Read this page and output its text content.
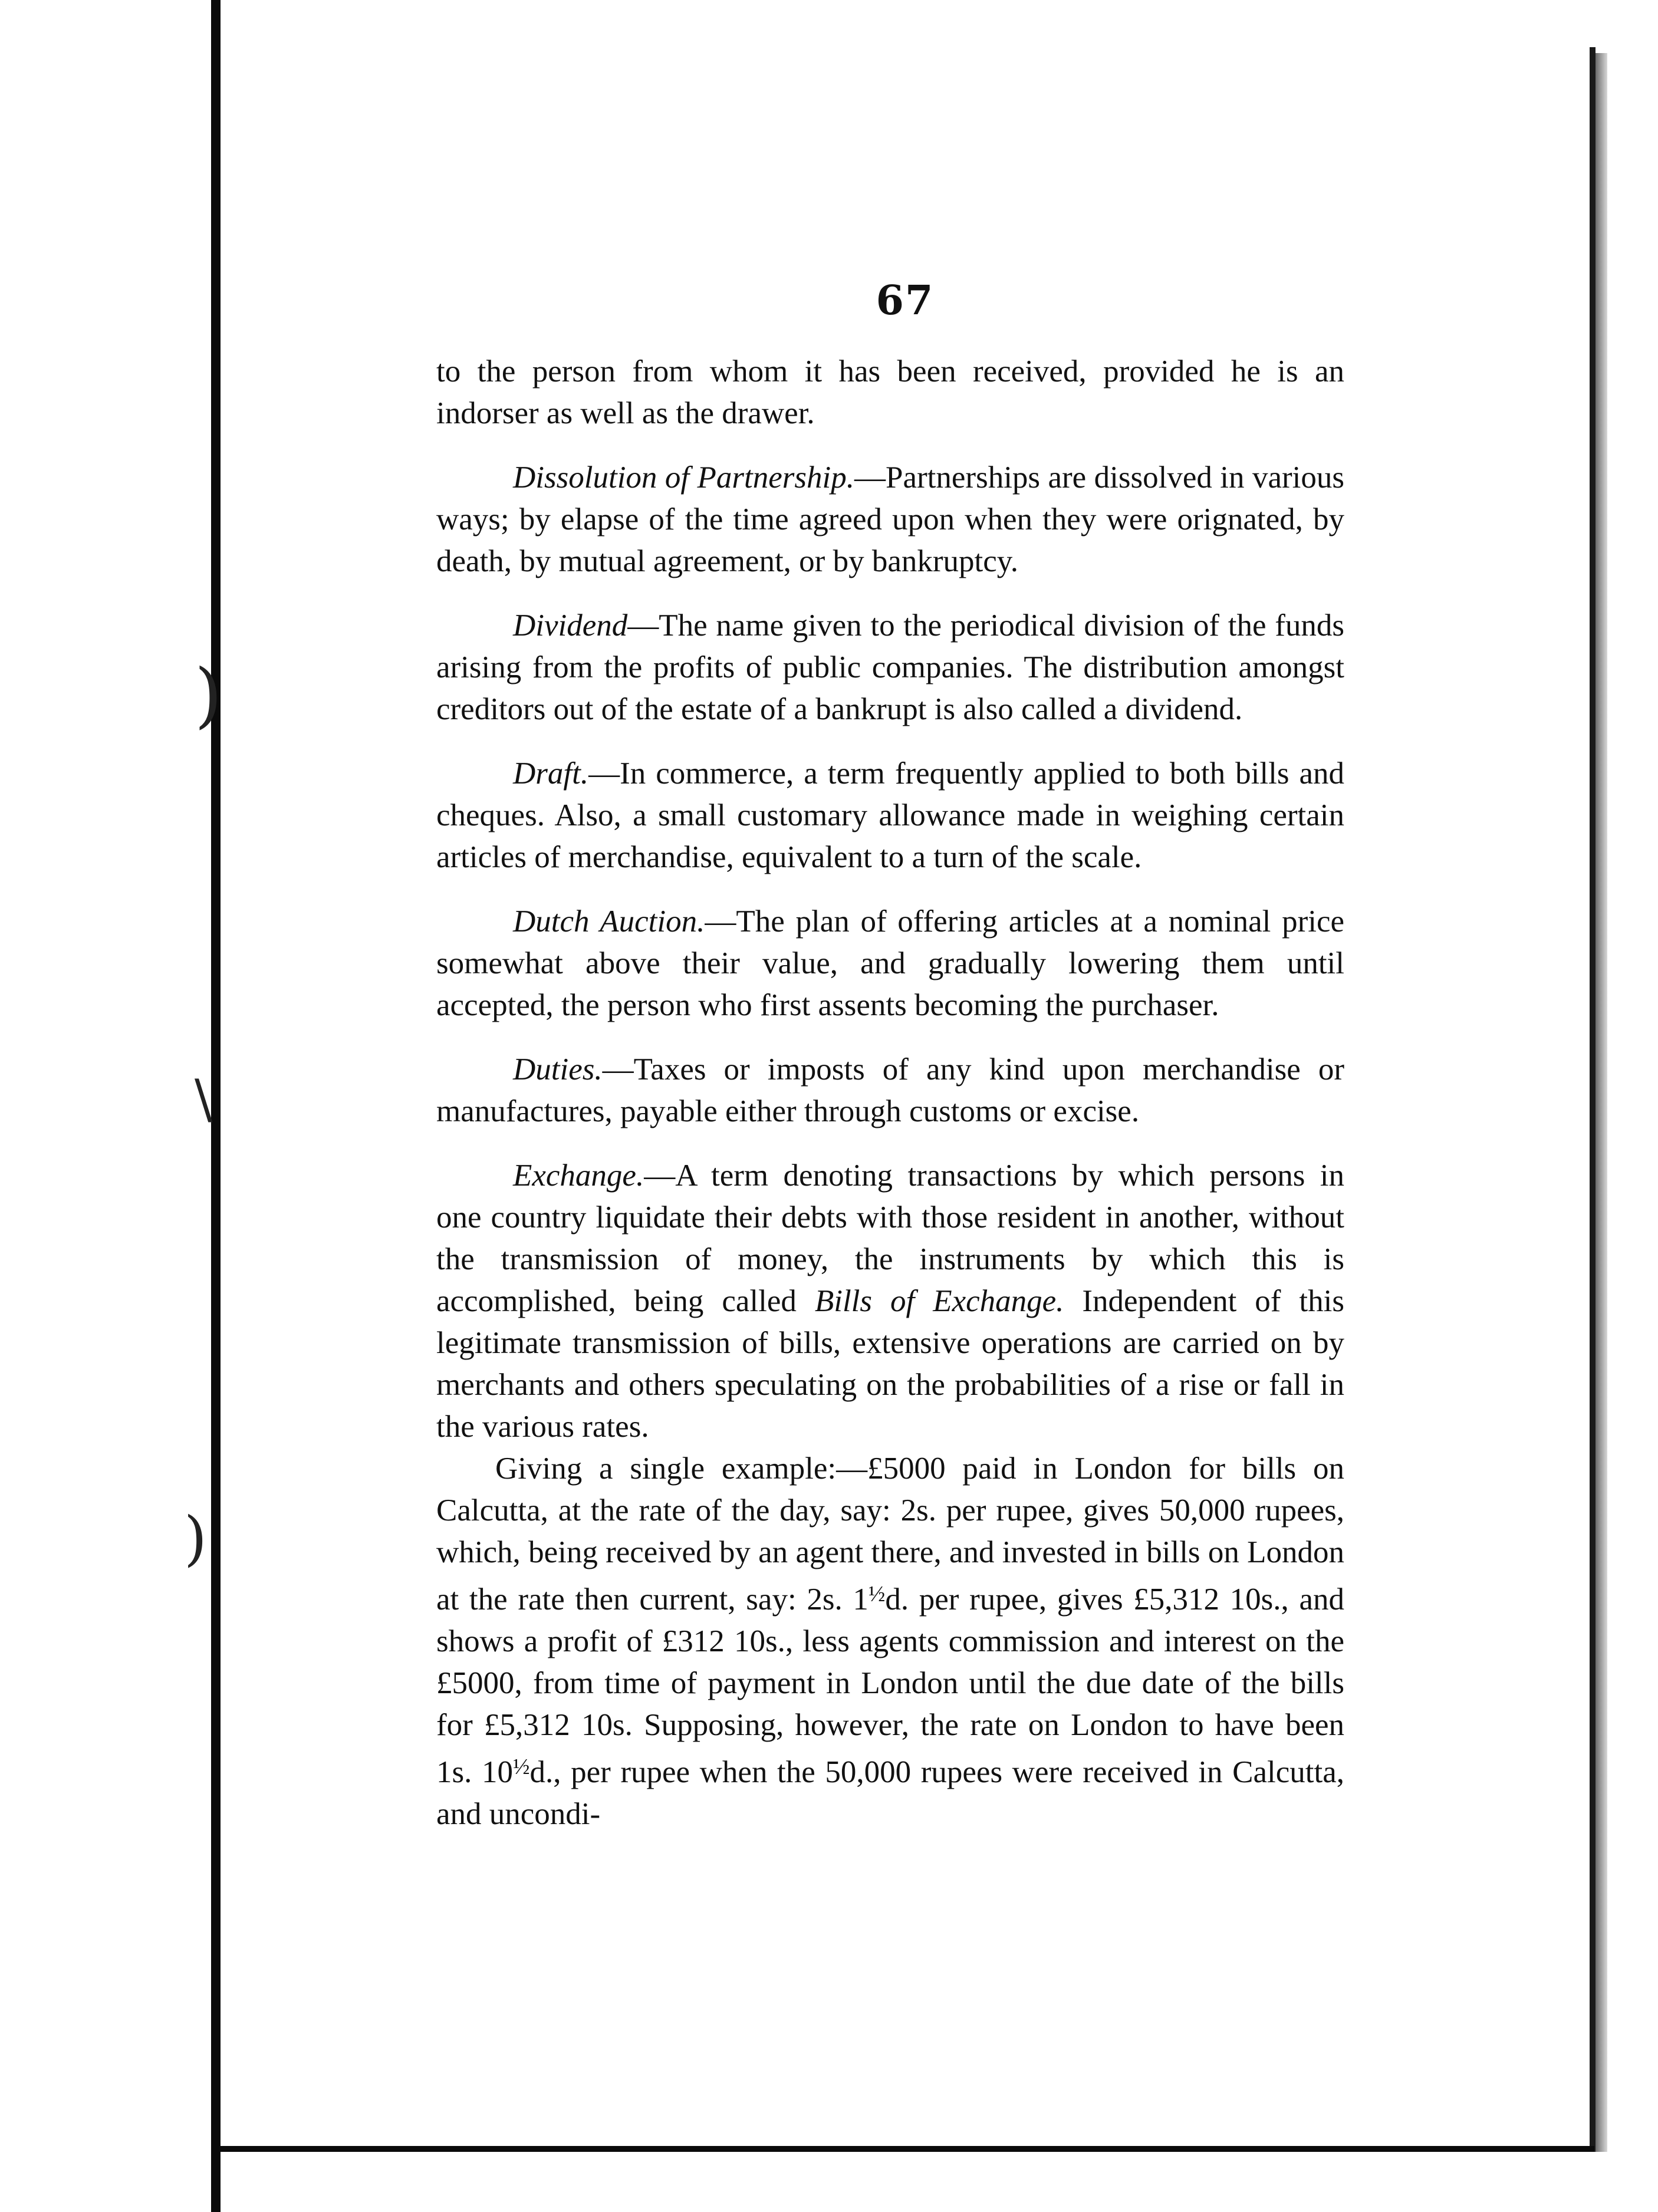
)
\
)
67

to the person from whom it has been received, provided he is an indorser as well as the drawer.

Dissolution of Partnership.—Partnerships are dissolved in various ways; by elapse of the time agreed upon when they were orignated, by death, by mutual agreement, or by bankruptcy.

Dividend—The name given to the periodical division of the funds arising from the profits of public companies. The distribution amongst creditors out of the estate of a bankrupt is also called a dividend.

Draft.—In commerce, a term frequently applied to both bills and cheques. Also, a small customary allowance made in weighing certain articles of merchandise, equivalent to a turn of the scale.

Dutch Auction.—The plan of offering articles at a nominal price somewhat above their value, and gradually lowering them until accepted, the person who first assents becoming the purchaser.

Duties.—Taxes or imposts of any kind upon merchandise or manufactures, payable either through customs or excise.

Exchange.—A term denoting transactions by which persons in one country liquidate their debts with those resident in another, without the transmission of money, the instruments by which this is accomplished, being called Bills of Exchange. Independent of this legitimate transmission of bills, extensive operations are carried on by merchants and others speculating on the probabilities of a rise or fall in the various rates.

Giving a single example:—£5000 paid in London for bills on Calcutta, at the rate of the day, say: 2s. per rupee, gives 50,000 rupees, which, being received by an agent there, and invested in bills on London at the rate then current, say: 2s. $1^{\frac{1}{2}}d$. per rupee, gives £5,312 10s., and shows a profit of £312 10s., less agents commission and interest on the £5000, from time of payment in London until the due date of the bills for £5,312 10s. Supposing, however, the rate on London to have been 1s. $10^{\frac{1}{2}}d$., per rupee when the 50,000 rupees were received in Calcutta, and uncondi-
